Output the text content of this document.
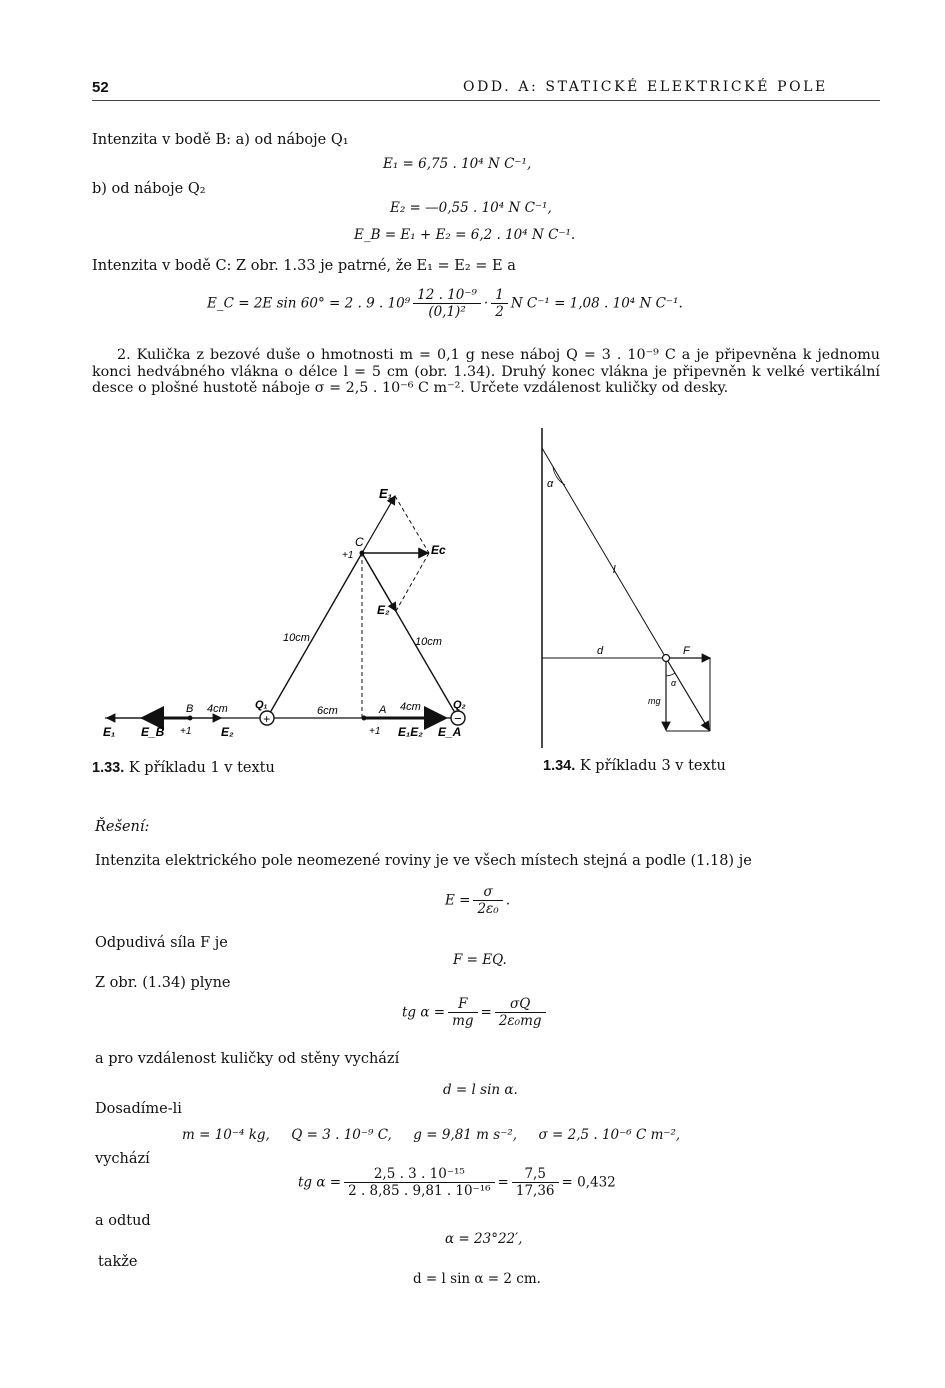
52	ODD. A: STATICKÉ ELEKTRICKÉ POLE
Intenzita v bodě B: a) od náboje Q₁
E₁ = 6,75 . 10⁴ N C⁻¹,
b) od náboje Q₂
E₂ = —0,55 . 10⁴ N C⁻¹,
E_B = E₁ + E₂ = 6,2 . 10⁴ N C⁻¹.
Intenzita v bodě C: Z obr. 1.33 je patrné, že E₁ = E₂ = E a
E_C = 2E sin 60° = 2 . 9 . $10^9 \frac{\text{12 . 10⁻⁹}}{\text{(0,1)²}} \cdot \frac{1}{2}$ N C⁻¹ = 1,08 . 10⁴ N C⁻¹.
2. Kulička z bezové duše o hmotnosti m = 0,1 g nese náboj Q = 3 . 10⁻⁹ C a je připevněna k jednomu konci hedvábného vlákna o délce l = 5 cm (obr. 1.34). Druhý konec vlákna je připevněn k velké vertikální desce o plošné hustotě náboje σ = 2,5 . 10⁻⁶ C m⁻². Určete vzdálenost kuličky od desky.
+	−
E₁
C
+1	Eс
E₂
10cm	10cm
B 4cm Q₁	6cm	A 4cm	Q₂
E₁ E_B +1 E₂	+1 E₁E₂ E_A
α
l
d	F
α
mg
1.33. K příkladu 1 v textu	1.34. K příkladu 3 v textu
Řešení:
Intenzita elektrického pole neomezené roviny je ve všech místech stejná a podle (1.18) je
$E = \frac{\sigma}{\text{2ε₀}}$ .
Odpudivá síla F je
F = EQ.
Z obr. (1.34) plyne
tg $\alpha = \frac{F}{mg} = \frac{\sigma Q}{\text{2ε₀mg}}$
a pro vzdálenost kuličky od stěny vychází
d = l sin α.
Dosadíme-li
m = 10⁻⁴ kg,     Q = 3 . 10⁻⁹ C,     g = 9,81 m s⁻²,     σ = 2,5 . 10⁻⁶ C m⁻²,
vychází
tg $\alpha = \frac{\text{2,5 . 3 . 10⁻¹⁵}}{\text{2 . 8,85 . 9,81 . 10⁻¹⁶}} = \frac{7,5}{17,36} = 0,432$
a odtud
α = 23°22′,
takže
d = l sin α = 2 cm.
